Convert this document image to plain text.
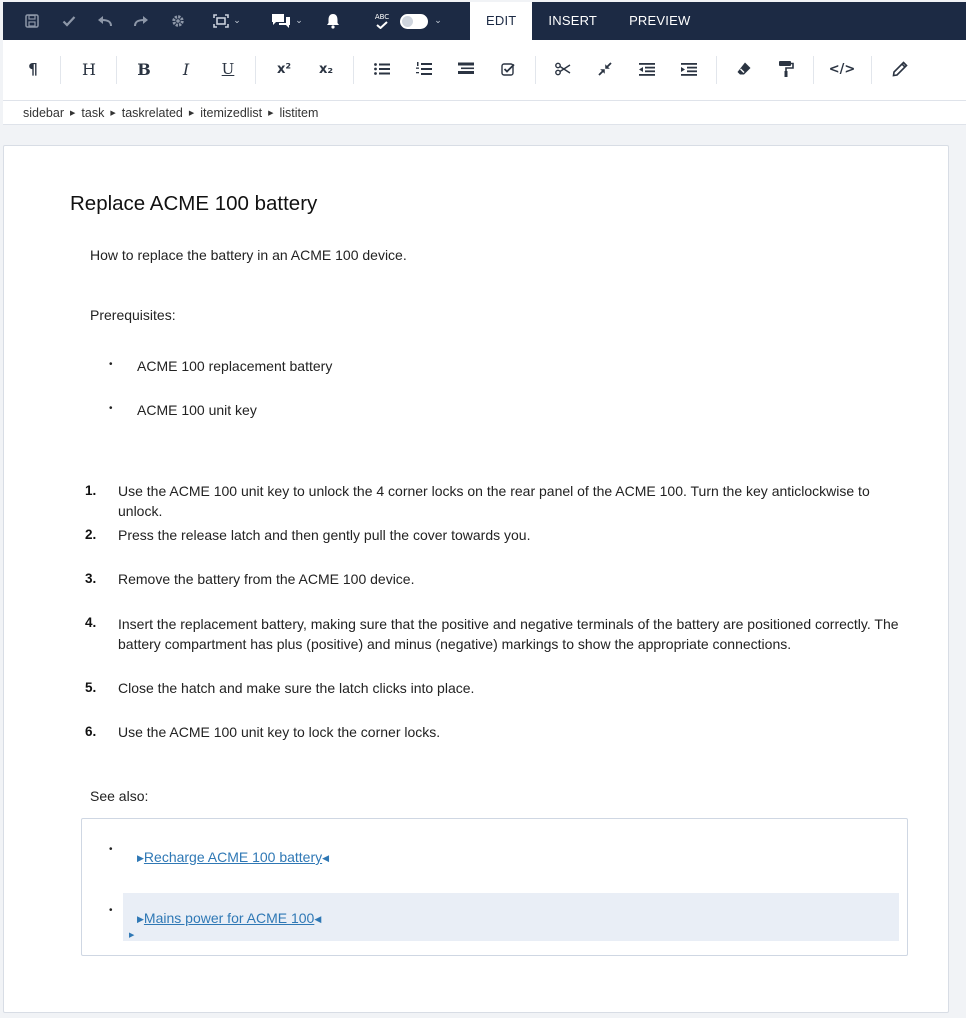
⌄	⌄	ABC	⌄	EDIT	INSERT	PREVIEW
¶	H	B	I	U	x²	x₂	</>
sidebar ▶ task ▶ taskrelated ▶ itemizedlist ▶ listitem
Replace ACME 100 battery
How to replace the battery in an ACME 100 device.
Prerequisites:
• ACME 100 replacement battery
• ACME 100 unit key
1. Use the ACME 100 unit key to unlock the 4 corner locks on the rear panel of the ACME 100. Turn the key anticlockwise to unlock.
2. Press the release latch and then gently pull the cover towards you.
3. Remove the battery from the ACME 100 device.
4. Insert the replacement battery, making sure that the positive and negative terminals of the battery are positioned correctly. The battery compartment has plus (positive) and minus (negative) markings to show the appropriate connections.
5. Close the hatch and make sure the latch clicks into place.
6. Use the ACME 100 unit key to lock the corner locks.
See also:
•
▶Recharge ACME 100 battery◀
•
▶Mains power for ACME 100◀
▶
